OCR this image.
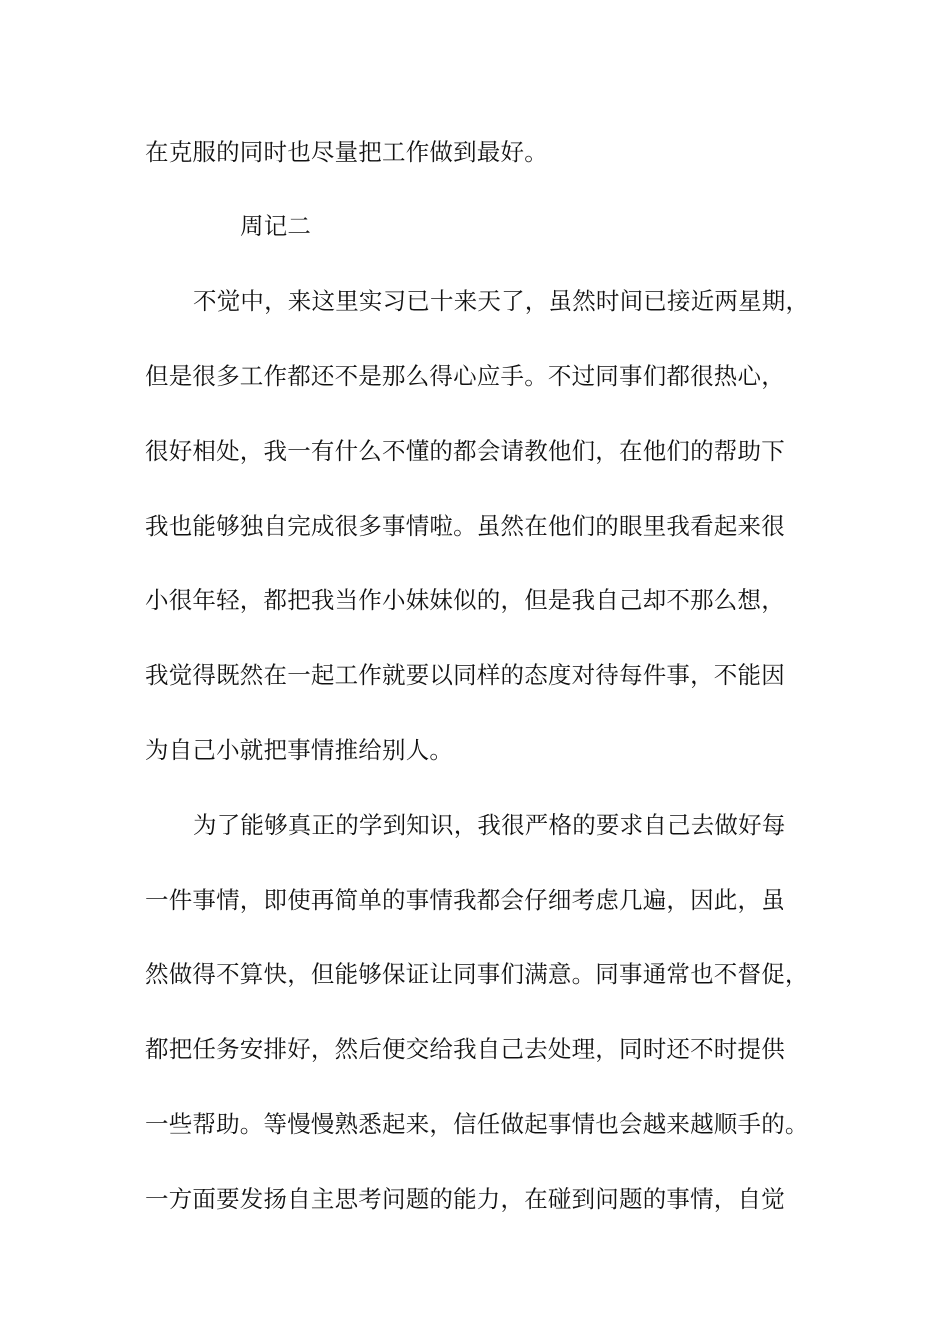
在克服的同时也尽量把工作做到最好。
周记二
不觉中，来这里实习已十来天了，虽然时间已接近两星期，
但是很多工作都还不是那么得心应手。不过同事们都很热心，
很好相处，我一有什么不懂的都会请教他们，在他们的帮助下
我也能够独自完成很多事情啦。虽然在他们的眼里我看起来很
小很年轻，都把我当作小妹妹似的，但是我自己却不那么想，
我觉得既然在一起工作就要以同样的态度对待每件事，不能因
为自己小就把事情推给别人。
为了能够真正的学到知识，我很严格的要求自己去做好每
一件事情，即使再简单的事情我都会仔细考虑几遍，因此，虽
然做得不算快，但能够保证让同事们满意。同事通常也不督促，
都把任务安排好，然后便交给我自己去处理，同时还不时提供
一些帮助。等慢慢熟悉起来，信任做起事情也会越来越顺手的。
一方面要发扬自主思考问题的能力，在碰到问题的事情，自觉
